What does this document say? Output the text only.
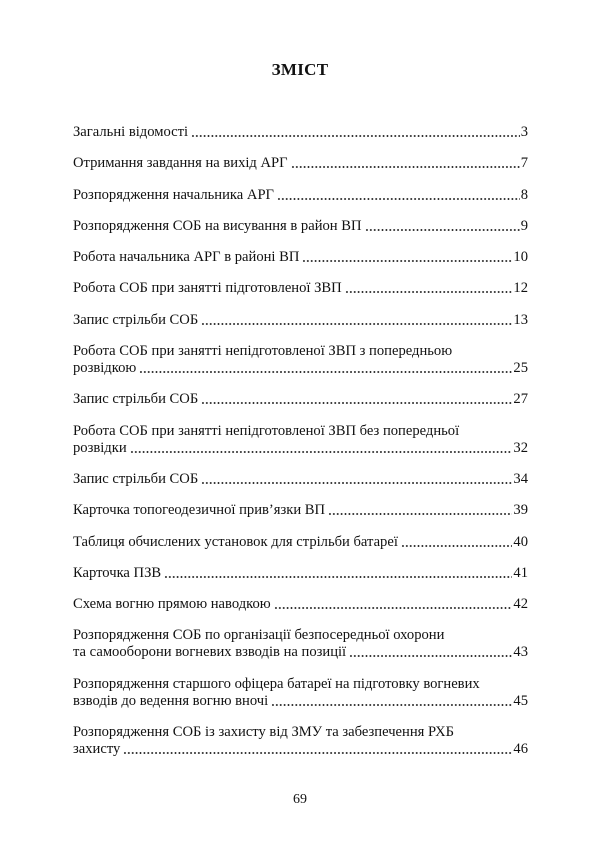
ЗМІСТ
Загальні відомості	3
Отримання завдання на вихід АРГ	7
Розпорядження начальника АРГ	8
Розпорядження СОБ на висування в район ВП	9
Робота начальника АРГ в районі ВП	10
Робота СОБ при занятті підготовленої ЗВП	12
Запис стрільби СОБ	13
Робота СОБ при занятті непідготовленої ЗВП з попередньою
розвідкою	25
Запис стрільби СОБ	27
Робота СОБ при занятті непідготовленої ЗВП без попередньої
розвідки	32
Запис стрільби СОБ	34
Карточка топогеодезичної прив’язки ВП	39
Таблиця обчислених установок для стрільби батареї	40
Карточка ПЗВ	41
Схема вогню прямою наводкою	42
Розпорядження СОБ по організації безпосередньої охорони
та самооборони вогневих взводів на позиції	43
Розпорядження старшого офіцера батареї на підготовку вогневих
взводів до ведення вогню вночі	45
Розпорядження СОБ із захисту від ЗМУ та забезпечення РХБ
захисту	46
69
